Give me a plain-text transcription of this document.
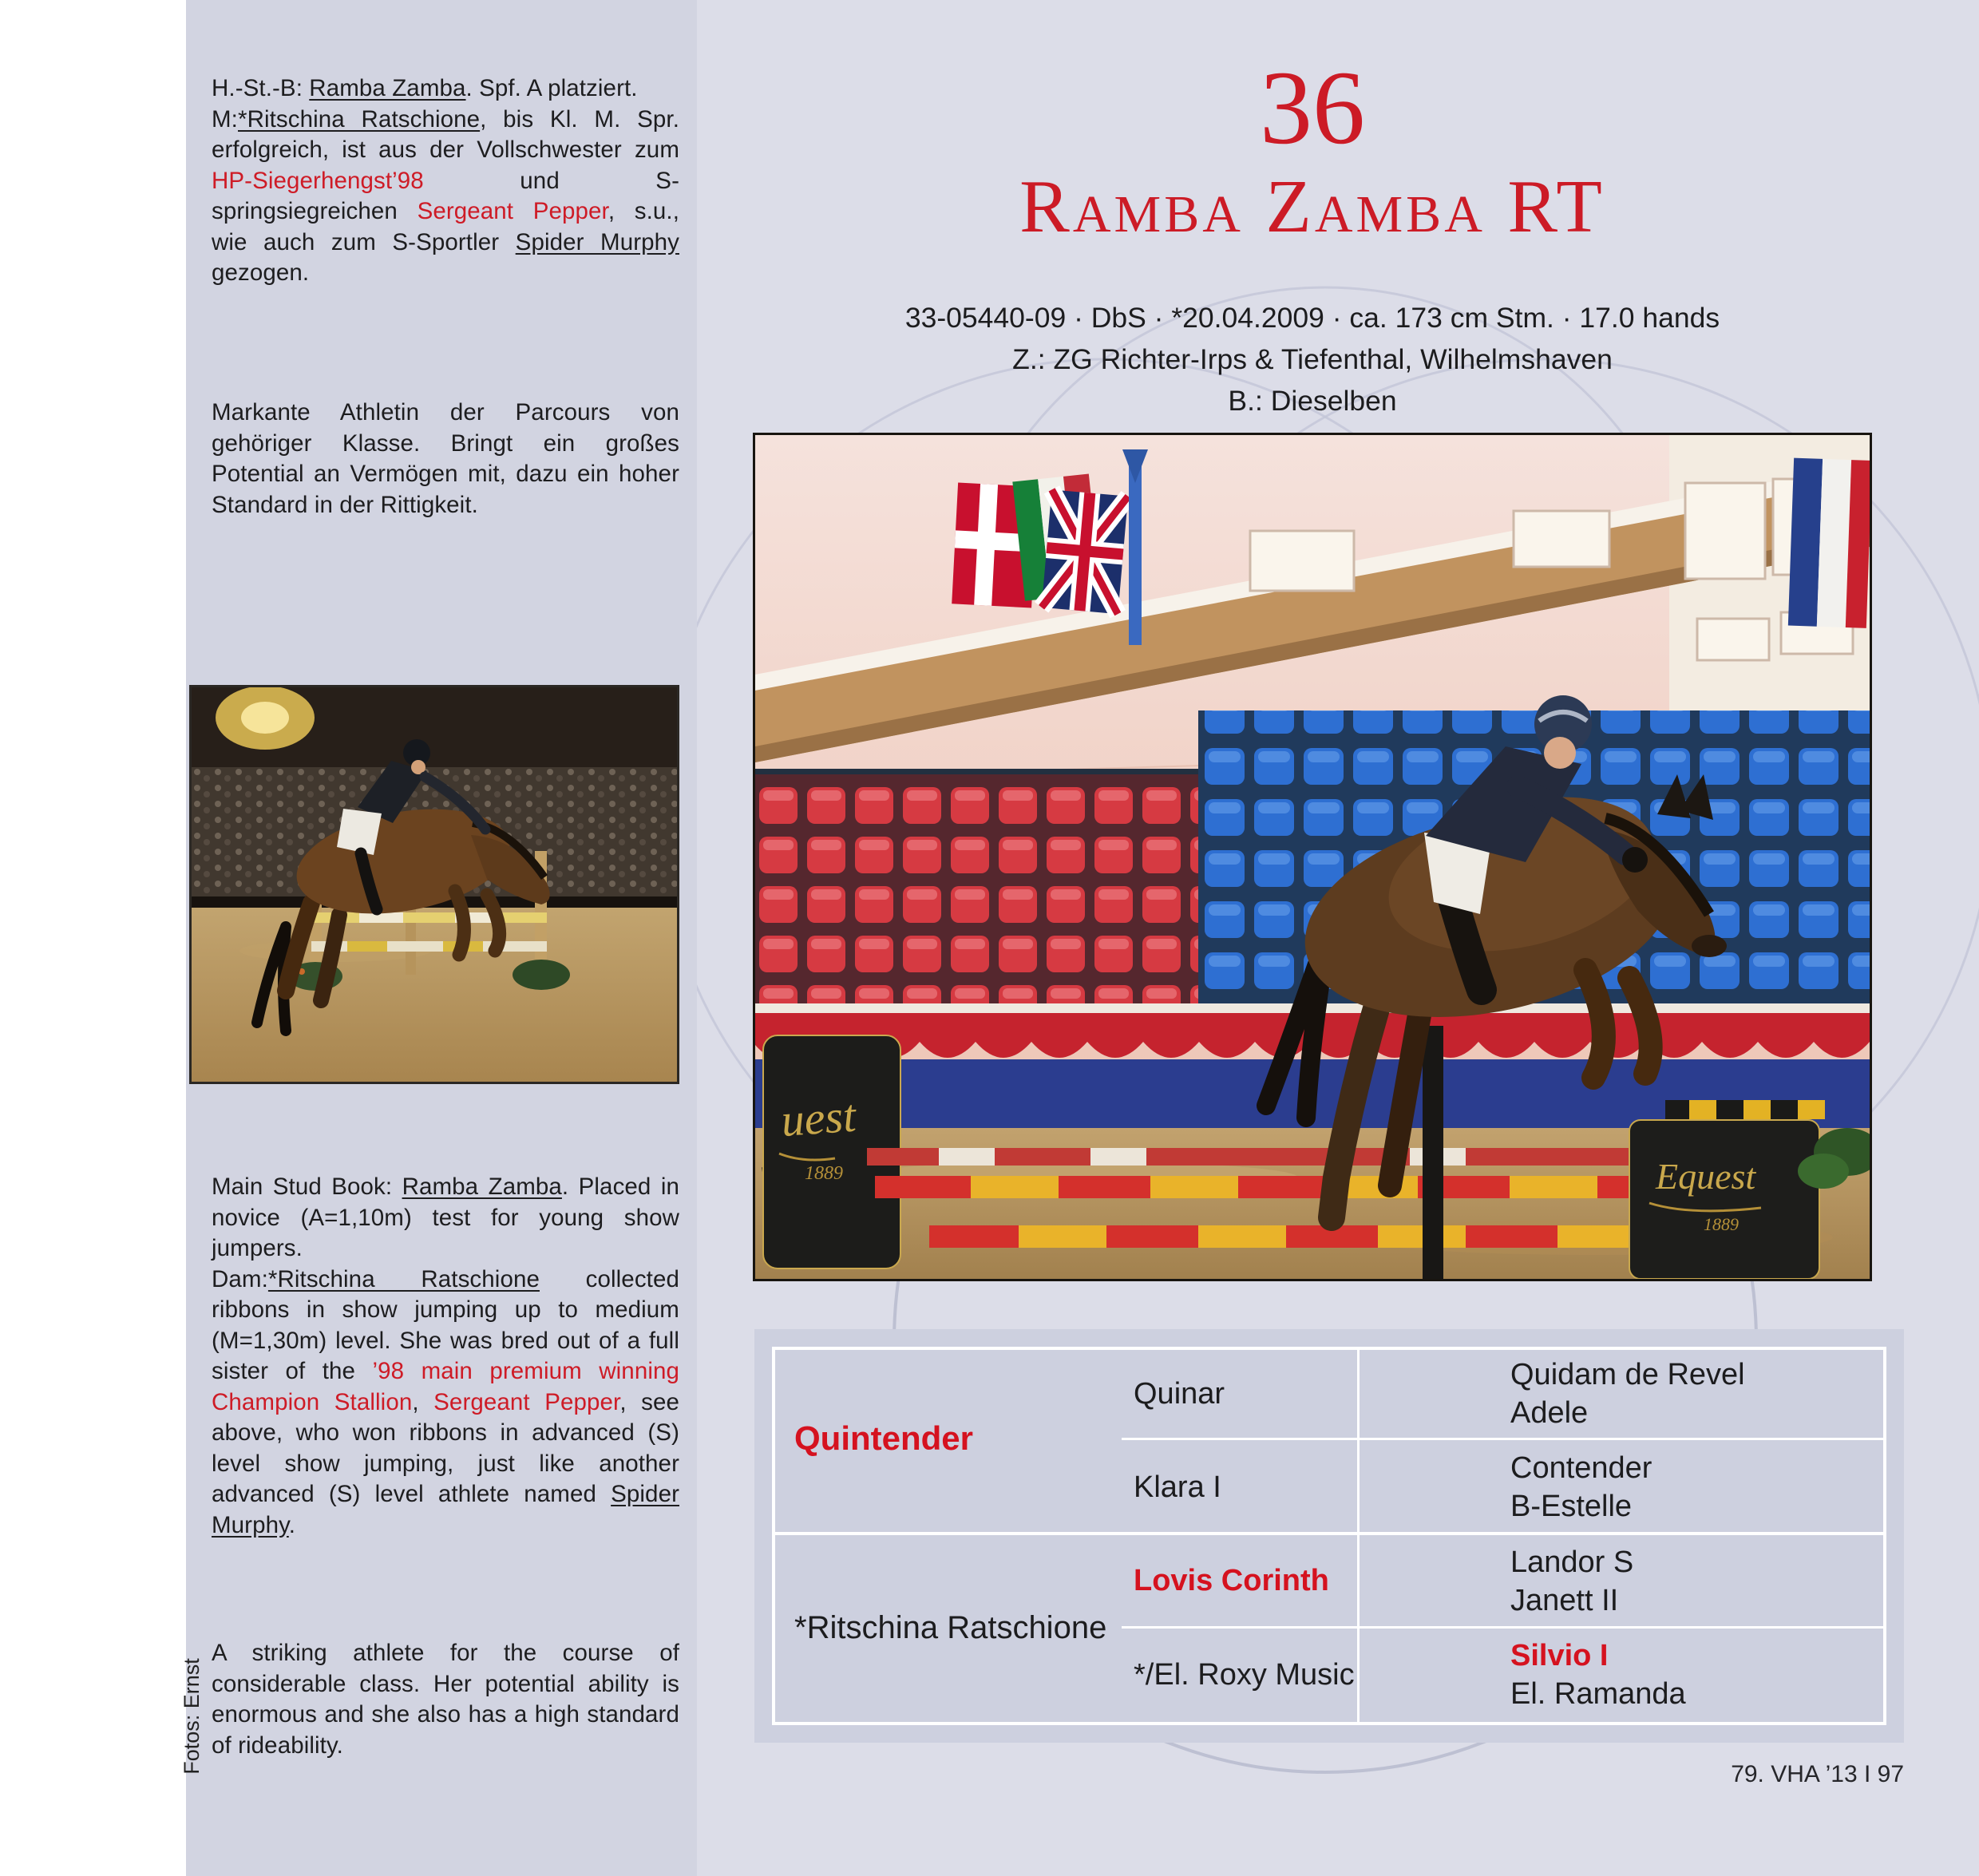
H.-St.-B: Ramba Zamba. Spf. A platziert.
M:*Ritschina Ratschione, bis Kl. M. Spr. erfolgreich, ist aus der Vollschwester zum HP-Siegerhengst’98 und S-springsiegreichen Sergeant Pepper, s.u., wie auch zum S-Sportler Spider Murphy gezogen.
Markante Athletin der Parcours von gehöriger Klasse. Bringt ein großes Potential an Vermögen mit, dazu ein hoher Standard in der Rittigkeit.
Main Stud Book: Ramba Zamba. Placed in novice (A=1,10m) test for young show jumpers.
Dam:*Ritschina Ratschione collected ribbons in show jumping up to medium (M=1,30m) level. She was bred out of a full sister of the ’98 main premium winning Champion Stallion, Sergeant Pepper, see above, who won ribbons in advanced (S) level show jumping, just like another advanced (S) level athlete named Spider Murphy.
A striking athlete for the course of considerable class. Her potential ability is enormous and she also has a high standard of rideability.
Fotos: Ernst
36
Ramba Zamba RT
33-05440-09 · DbS · *20.04.2009 · ca. 173 cm Stm. · 17.0 hands
Z.: ZG Richter-Irps & Tiefenthal, Wilhelmshaven
B.: Dieselben
uest
1889	Equest
1889
Quintender
*Ritschina Ratschione
Quinar
Klara I
Lovis Corinth
*/El. Roxy Music
Quidam de Revel
Adele
Contender
B-Estelle
Landor S
Janett II
Silvio I
El. Ramanda
79. VHA ’13 I 97
